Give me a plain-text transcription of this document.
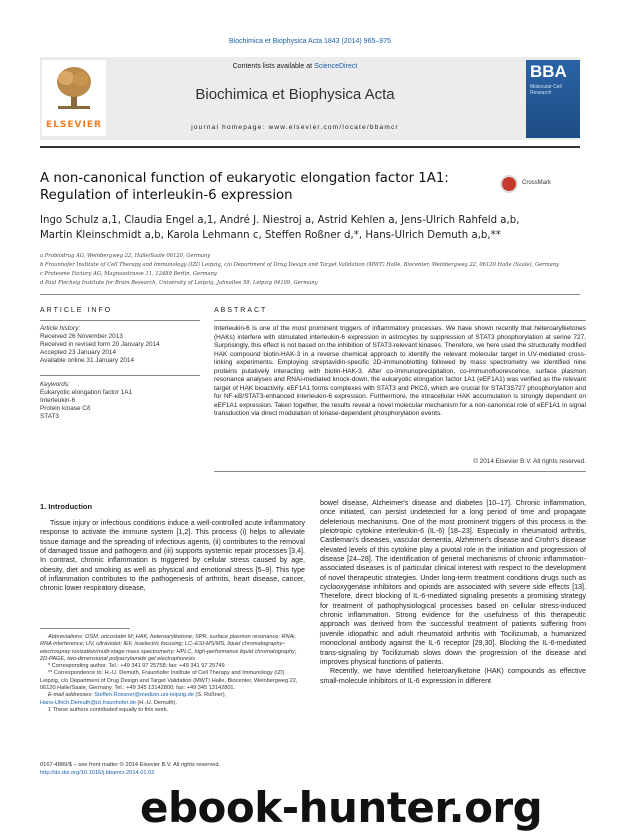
Biochimica et Biophysica Acta 1843 (2014) 965–975
ELSEVIER
Contents lists available at ScienceDirect
Biochimica et Biophysica Acta
journal homepage: www.elsevier.com/locate/bbamcr
BBA
Molecular Cell Research
A non-canonical function of eukaryotic elongation factor 1A1: Regulation of interleukin-6 expression
CrossMark
Ingo Schulz a,1, Claudia Engel a,1, André J. Niestroj a, Astrid Kehlen a, Jens-Ulrich Rahfeld a,b,
Martin Kleinschmidt a,b, Karola Lehmann c, Steffen Roßner d,*, Hans-Ulrich Demuth a,b,**
a Probiodrug AG, Weinbergweg 22, Halle/Saale 06120, Germany
b Fraunhofer Institute of Cell Therapy and Immunology (IZI) Leipzig, c/o Department of Drug Design and Target Validation (MWT) Halle, Biocenter, Weinbergweg 22, 06120 Halle (Saale), Germany
c Proteome Factory AG, Magnusstrasse 11, 12489 Berlin, Germany
d Paul Flechsig Institute for Brain Research, University of Leipzig, Jahnallee 59, Leipzig 04109, Germany
ARTICLE INFO
Article history:
Received 26 November 2013
Received in revised form 20 January 2014
Accepted 23 January 2014
Available online 31 January 2014
Keywords:
Eukaryotic elongation factor 1A1
Interleukin-6
Protein kinase Cδ
STAT3
ABSTRACT
Interleukin-6 is one of the most prominent triggers of inflammatory processes. We have shown recently that heteroarylketones (HAKs) interfere with stimulated interleukin-6 expression in astrocytes by suppression of STAT3 phosphorylation at serine 727. Surprisingly, this effect is not based on the inhibition of STAT3-relevant kinases. Therefore, we here used the structurally modified HAK compound biotin-HAK-3 in a reverse chemical approach to identify the relevant molecular target in UV-mediated cross-linking experiments. Employing streptavidin-specific 2D-immunoblotting followed by mass spectrometry we identified nine proteins putatively interacting with biotin-HAK-3. After co-immunoprecipitation, co-immunofluorescence, surface plasmon resonance analyses and RNAi-mediated knock-down, the eukaryotic elongation factor 1A1 (eEF1A1) was verified as the relevant target of HAK bioactivity. eEF1A1 forms complexes with STAT3 and PKCδ, which are crucial for STAT3S727 phosphorylation and for NF-κB/STAT3-enhanced interleukin-6 expression. Furthermore, the intracellular HAK accumulation is strongly dependent on eEF1A1 expression. Taken together, the results reveal a novel molecular mechanism for a non-canonical role of eEF1A1 in signal transduction via direct modulation of kinase-dependent phosphorylation events.
© 2014 Elsevier B.V. All rights reserved.
1. Introduction

Tissue injury or infectious conditions induce a well-controlled acute inflammatory response to activate the immune system [1,2]. This process (i) helps to alleviate tissue damage and the spreading of infectious agents, (ii) contributes to the removal of damaged tissue and pathogens and (iii) supports systemic repair processes [3,4]. In contrast, chronic inflammation is triggered by cellular stress caused by age, obesity, diet and smoking as well as physical and emotional stress [5–9]. This type of inflammation contributes to the pathogenesis of arthritis, heart disease, cancer, chronic lower respiratory disease,

bowel disease, Alzheimer's disease and diabetes [10–17]. Chronic inflammation, once initiated, can persist undetected for a long period of time and propagate deleterious mechanisms. One of the most prominent triggers of this process is the pleiotropic cytokine interleukin-6 (IL-6) [18–23]. Especially in rheumatoid arthritis, Castleman's diseases, vascular dementia, Alzheimer's disease and Crohn's disease elevated levels of this cytokine play a pivotal role in the initiation and progression of disease [24–28]. The identification of general mechanisms of chronic inflammation-associated diseases is of particular clinical interest with respect to the development of novel therapeutic strategies. Under long-term treatment conditions drugs such as cyclooxygenase inhibitors and opioids are associated with severe side effects [13]. Therefore, direct blocking of IL-6-mediated signaling presents a promising strategy for treatment of pathophysiological processes based on cellular stress-induced chronic inflammation. Strong evidence for the usefulness of this therapeutic approach was derived from the successful treatment of patients suffering from juvenile idiopathic and adult rheumatoid arthritis with Tocilizumab, a humanized monoclonal antibody against the IL-6 receptor [29,30]. Blocking the IL-6-mediated trans-signaling by Tocilizumab slows down the progression of the disease and improves physical functions of patients.

Recently, we have identified heteroarylketone (HAK) compounds as effective small-molecule inhibitors of IL-6 expression in different

Abbreviations: OSM, oncostatin M; HAK, heteroarylketone; SPR, surface plasmon resonance; RNAi, RNA interference; UV, ultraviolet; IEF, isoelectric focusing; LC–ESI-MS/MS, liquid chromatography–electrospray ionization/multi-stage mass spectrometry; HPLC, high-performance liquid chromatography; 2D-PAGE, two-dimensional polyacrylamide gel electrophoresis
* Corresponding author. Tel.: +49 341 97 25758; fax: +49 341 97 25749.
** Correspondence to: H.-U. Demuth, Fraunhofer Institute of Cell Therapy and Immunology (IZI) Leipzig, c/o Department of Drug Design and Target Validation (MWT) Halle, Biocenter, Weinbergweg 22, 06120 Halle/Saale, Germany. Tel.: +49 345 13142800; fax: +49 345 13142801.
E-mail addresses: Steffen.Rossner@medizin.uni-leipzig.de (S. Roßner),
Hans-Ulrich.Demuth@izi.fraunhofer.de (H.-U. Demuth).
1 These authors contributed equally to this work.
0167-4889/$ – see front matter © 2014 Elsevier B.V. All rights reserved.
http://dx.doi.org/10.1016/j.bbamcr.2014.01.02
ebook-hunter.org
